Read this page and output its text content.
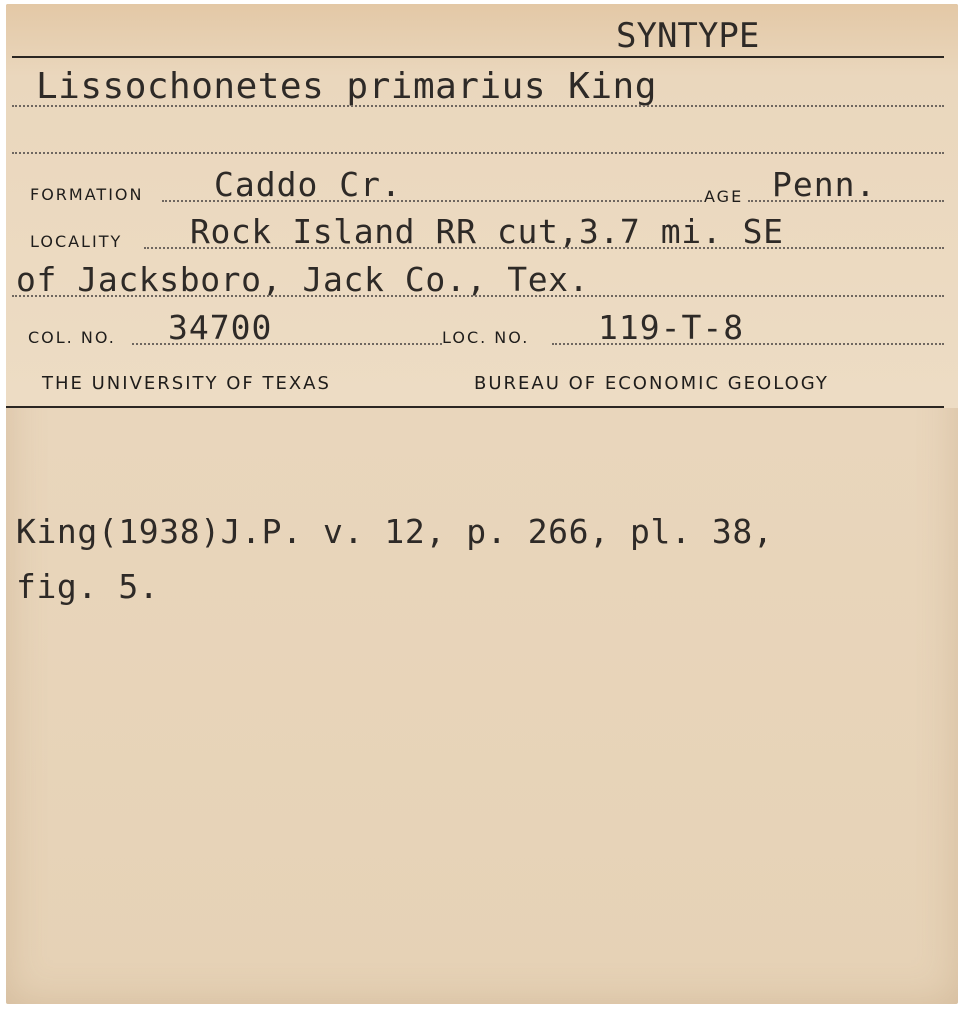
SYNTYPE
Lissochonetes primarius King
FORMATION Caddo Cr.	AGE Penn.
LOCALITY Rock Island RR cut,3.7 mi. SE
of Jacksboro, Jack Co., Tex.
COL. NO. 34700	LOC. NO. 119-T-8
THE UNIVERSITY OF TEXAS	BUREAU OF ECONOMIC GEOLOGY
King(1938)J.P. v. 12, p. 266, pl. 38,
fig. 5.
